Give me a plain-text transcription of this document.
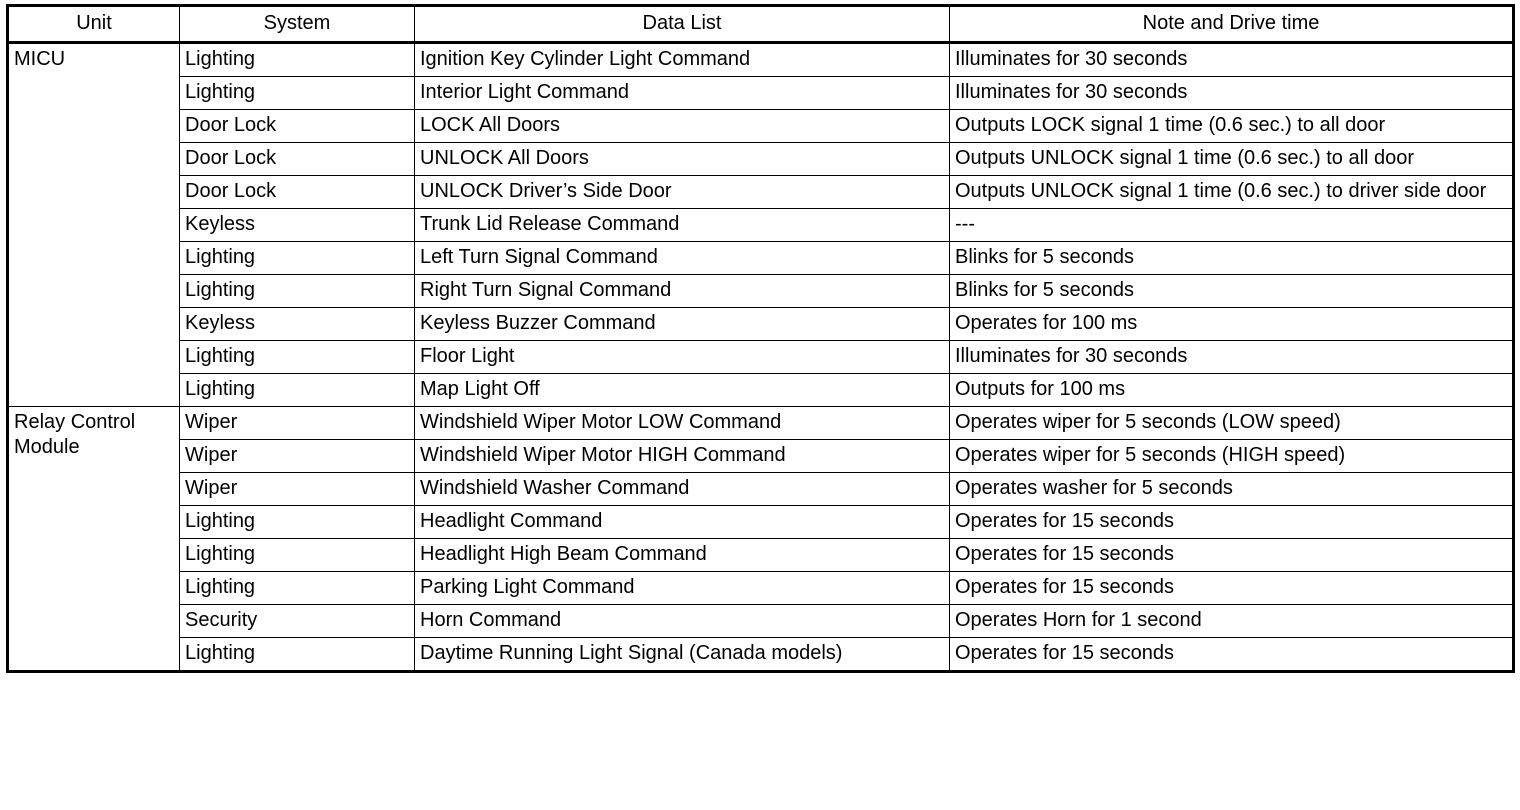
Unit	System	Data List	Note and Drive time
MICU	Lighting	Ignition Key Cylinder Light Command	Illuminates for 30 seconds
	Lighting	Interior Light Command	Illuminates for 30 seconds
	Door Lock	LOCK All Doors	Outputs LOCK signal 1 time (0.6 sec.) to all door
	Door Lock	UNLOCK All Doors	Outputs UNLOCK signal 1 time (0.6 sec.) to all door
	Door Lock	UNLOCK Driver’s Side Door	Outputs UNLOCK signal 1 time (0.6 sec.) to driver side door
	Keyless	Trunk Lid Release Command	---
	Lighting	Left Turn Signal Command	Blinks for 5 seconds
	Lighting	Right Turn Signal Command	Blinks for 5 seconds
	Keyless	Keyless Buzzer Command	Operates for 100 ms
	Lighting	Floor Light	Illuminates for 30 seconds
	Lighting	Map Light Off	Outputs for 100 ms
Relay Control Module	Wiper	Windshield Wiper Motor LOW Command	Operates wiper for 5 seconds (LOW speed)
	Wiper	Windshield Wiper Motor HIGH Command	Operates wiper for 5 seconds (HIGH speed)
	Wiper	Windshield Washer Command	Operates washer for 5 seconds
	Lighting	Headlight Command	Operates for 15 seconds
	Lighting	Headlight High Beam Command	Operates for 15 seconds
	Lighting	Parking Light Command	Operates for 15 seconds
	Security	Horn Command	Operates Horn for 1 second
	Lighting	Daytime Running Light Signal (Canada models)	Operates for 15 seconds
